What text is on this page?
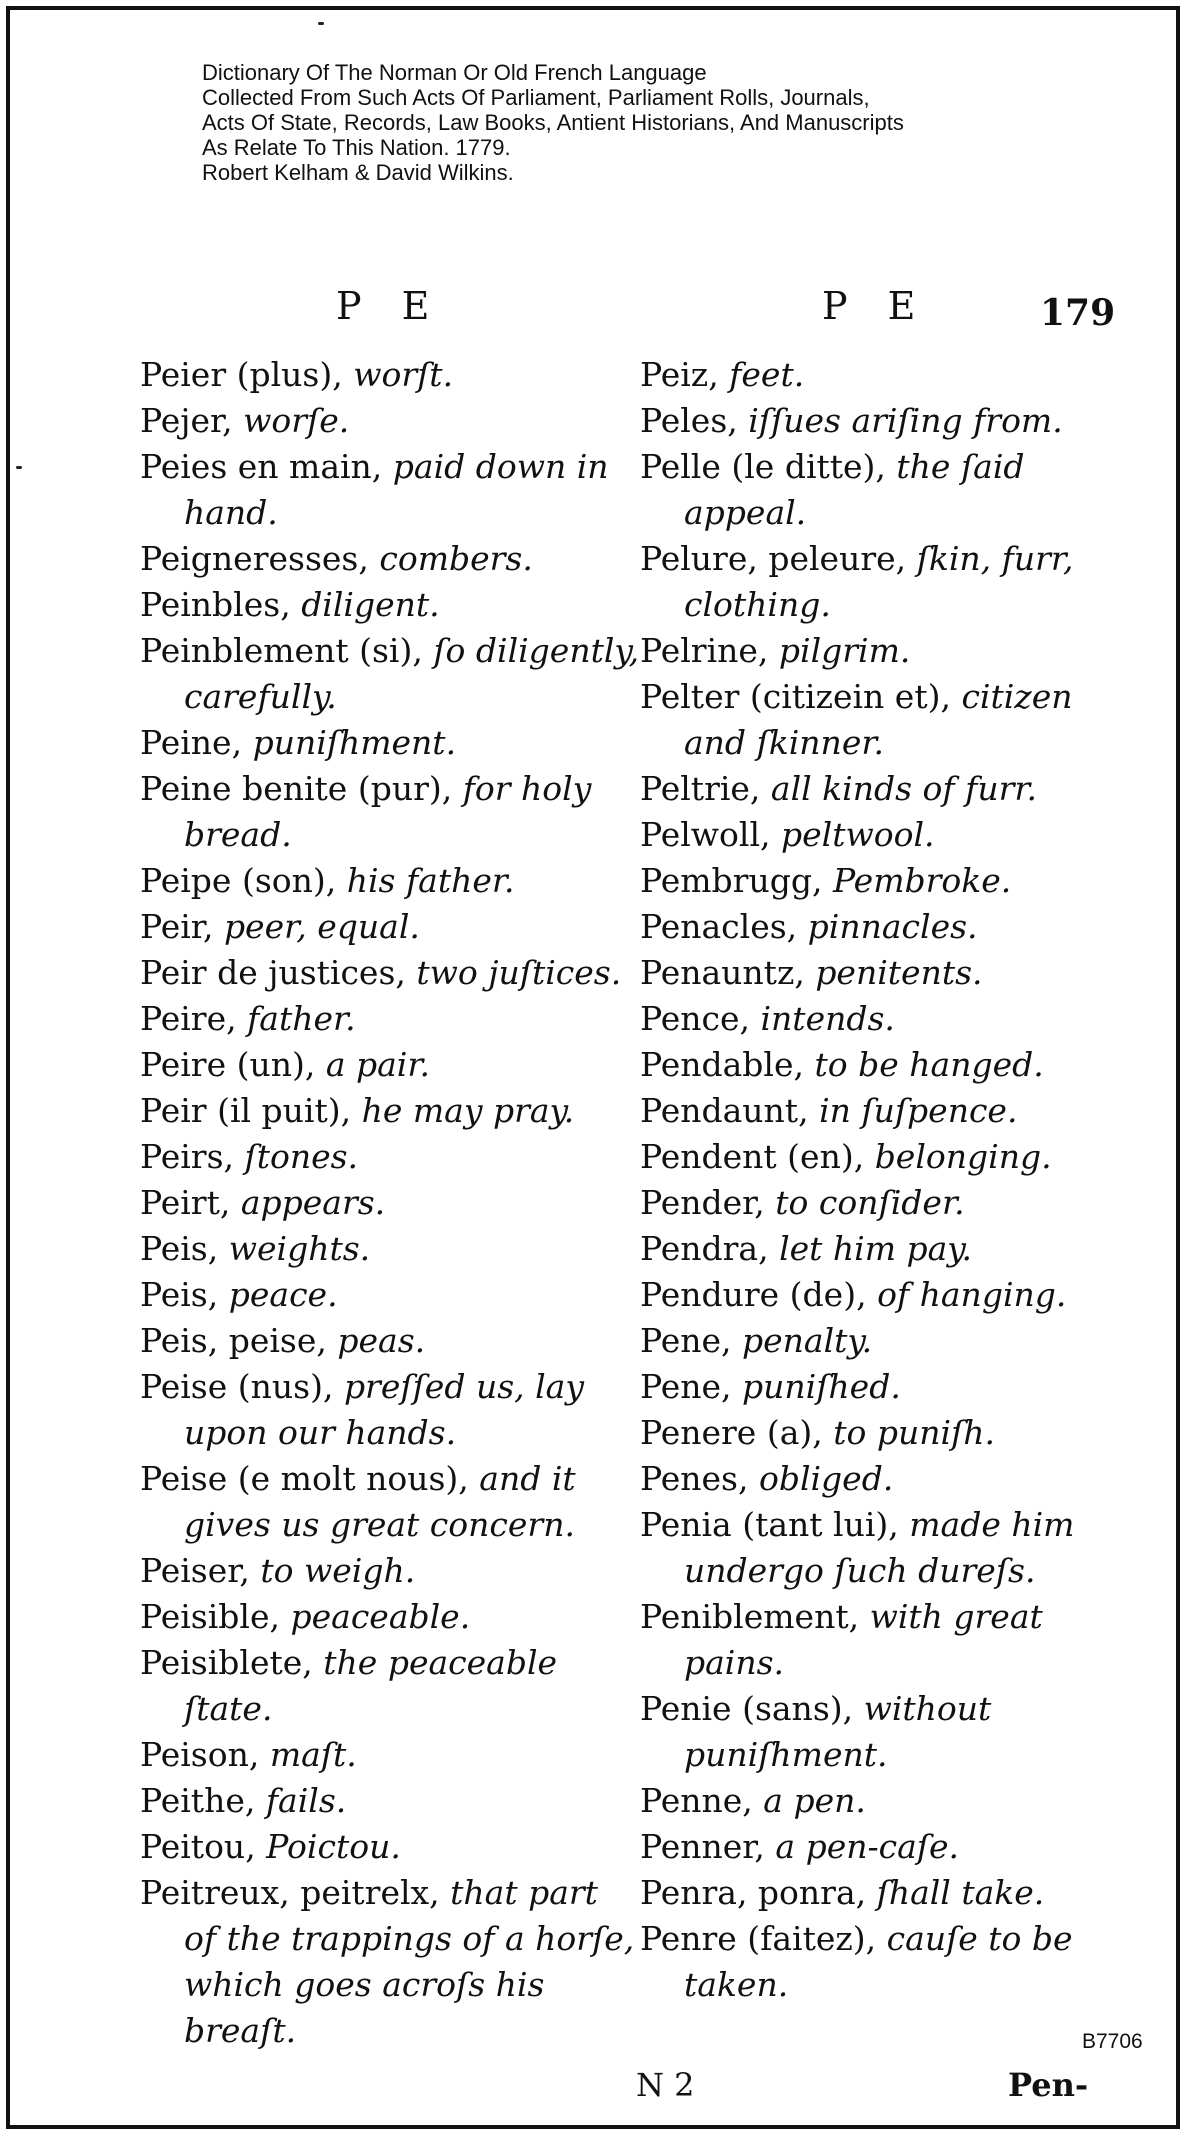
Dictionary Of The Norman Or Old French Language
Collected From Such Acts Of Parliament, Parliament Rolls, Journals,
Acts Of State, Records, Law Books, Antient Historians, And Manuscripts
As Relate To This Nation. 1779.
Robert Kelham & David Wilkins.
P E	P E	179
Peier (plus), worſt.
Pejer, worſe.
Peies en main, paid down in hand.
Peigneresses, combers.
Peinbles, diligent.
Peinblement (si), ſo diligently, carefully.
Peine, puniſhment.
Peine benite (pur), for holy bread.
Peipe (son), his father.
Peir, peer, equal.
Peir de justices, two juſtices.
Peire, father.
Peire (un), a pair.
Peir (il puit), he may pray.
Peirs, ſtones.
Peirt, appears.
Peis, weights.
Peis, peace.
Peis, peise, peas.
Peise (nus), preſſed us, lay upon our hands.
Peise (e molt nous), and it gives us great concern.
Peiser, to weigh.
Peisible, peaceable.
Peisiblete, the peaceable ſtate.
Peison, maſt.
Peithe, fails.
Peitou, Poictou.
Peitreux, peitrelx, that part of the trappings of a horſe, which goes acroſs his breaſt.
Peiz, feet.
Peles, iſſues ariſing from.
Pelle (le ditte), the ſaid appeal.
Pelure, peleure, ſkin, furr, clothing.
Pelrine, pilgrim.
Pelter (citizein et), citizen and ſkinner.
Peltrie, all kinds of furr.
Pelwoll, peltwool.
Pembrugg, Pembroke.
Penacles, pinnacles.
Penauntz, penitents.
Pence, intends.
Pendable, to be hanged.
Pendaunt, in ſuſpence.
Pendent (en), belonging.
Pender, to conſider.
Pendra, let him pay.
Pendure (de), of hanging.
Pene, penalty.
Pene, puniſhed.
Penere (a), to puniſh.
Penes, obliged.
Penia (tant lui), made him undergo ſuch dureſs.
Peniblement, with great pains.
Penie (sans), without puniſhment.
Penne, a pen.
Penner, a pen-caſe.
Penra, ponra, ſhall take.
Penre (faitez), cauſe to be taken.
N 2	Pen-
B7706
